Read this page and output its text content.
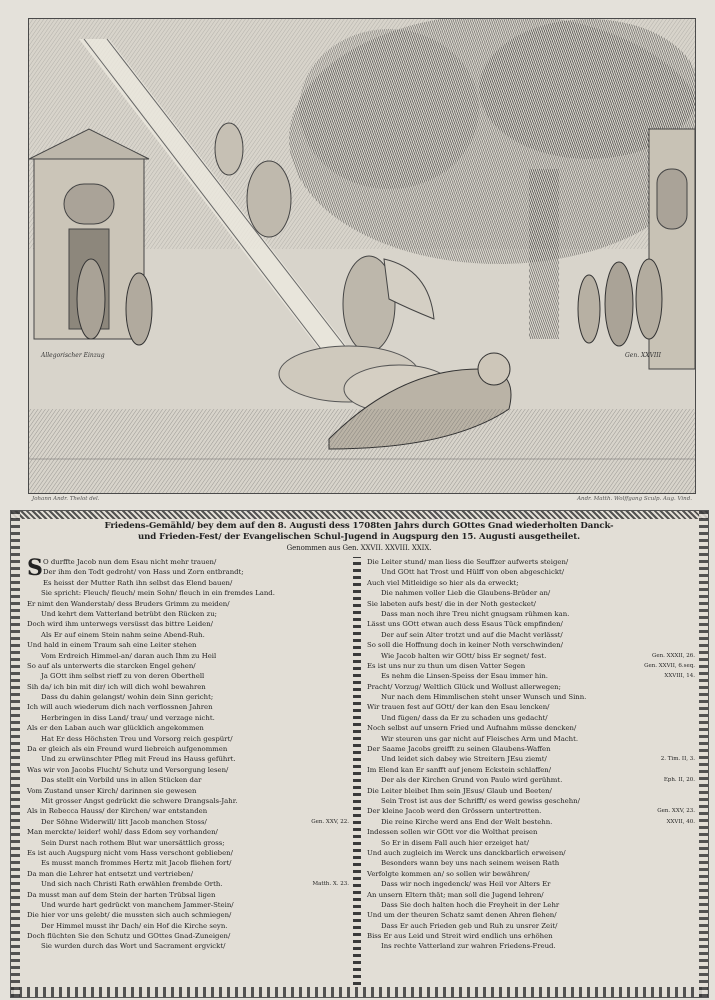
Allegorischer Einzug	Gen. XXVIII
Johann Andr. Thelot del.	Andr. Matth. Wolffgang Sculp. Aug. Vind.
Friedens-Gemähld/ bey dem auf den 8. Augusti dess 1708ten Jahrs durch GOttes Gnad wiederholten Danck-
und Frieden-Fest/ der Evangelischen Schul-Jugend in Augspurg den 15. Augusti ausgetheilet.
Genommen aus Gen. XXVII. XXVIII. XXIX.
S O durffte Jacob nun dem Esau nicht mehr trauen/
Der ihm den Todt gedroht/ von Hass und Zorn entbrandt;
Es heisst der Mutter Rath ihn selbst das Elend bauen/
Sie spricht: Fleuch/ fleuch/ mein Sohn/ fleuch in ein fremdes Land.
Er nimt den Wanderstab/ dess Bruders Grimm zu meiden/
Und kehrt dem Vatterland betrübt den Rücken zu;
Doch wird ihm unterwegs versüsst das bittre Leiden/
Als Er auf einem Stein nahm seine Abend-Ruh.
Und hald in einem Traum sah eine Leiter stehen
Vom Erdreich Himmel-an/ daran auch Ihm zu Heil
So auf als unterwerts die starcken Engel gehen/
Ja GOtt ihm selbst rieff zu von deren Oberthell
Sih da/ ich bin mit dir/ ich will dich wohl bewahren
Dass du dahin gelangst/ wohin dein Sinn gericht;
Ich will auch wiederum dich nach verflossnen Jahren
Herbringen in diss Land/ trau/ und verzage nicht.
Als er den Laban auch war glücklich angekommen
Hat Er dess Höchsten Treu und Vorsorg reich gespürt/
Da er gleich als ein Freund wurd liebreich aufgenommen
Und zu erwünschter Pfleg mit Freud ins Hauss geführt.
Was wir von Jacobs Flucht/ Schutz und Versorgung lesen/
Das stellt ein Vorbild uns in allen Stücken dar
Vom Zustand unser Kirch/ darinnen sie gewesen
Mit grosser Angst gedrückt die schwere Drangsals-Jahr.
Als in Rebecca Hauss/ der Kirchen/ war entstanden
Der Söhne Widerwill/ litt Jacob manchen Stoss/	Gen. XXV, 22.
Man merckte/ leider! wohl/ dass Edom sey vorhanden/
Sein Durst nach rothem Blut war unersättlich gross;
Es ist auch Augspurg nicht vom Hass verschont geblieben/
Es musst manch frommes Hertz mit Jacob fliehen fort/
Da man die Lehrer hat entsetzt und vertrieben/
Und sich nach Christi Rath erwählen frembde Orth.	Matth. X. 23.
Da musst man auf dem Stein der harten Trübsal ligen
Und wurde hart gedrückt von manchem Jammer-Stein/
Die hier vor uns gelebt/ die mussten sich auch schmiegen/
Der Himmel musst ihr Dach/ ein Hof die Kirche seyn.
Doch flüchten Sie den Schutz und GOttes Gnad-Zuneigen/
Sie wurden durch das Wort und Sacrament ergvickt/
Die Leiter stund/ man liess die Seuffzer aufwerts steigen/
Und GOtt hat Trost und Hülff von oben abgeschickt/
Auch viel Mitleidige so hier als da erweckt;
Die nahmen voller Lieb die Glaubens-Brüder an/
Sie labeten aufs best/ die in der Noth gestecket/
Dass man noch ihre Treu nicht gnugsam rühmen kan.
Lässt uns GOtt etwan auch dess Esaus Tück empfinden/
Der auf sein Alter trotzt und auf die Macht verlässt/
So soll die Hoffnung doch in keiner Noth verschwinden/
Wie Jacob halten wir GOtt/ biss Er segnet/ fest.	Gen. XXXII, 26.
Es ist uns nur zu thun um disen Vatter Segen	Gen. XXVII, 6.seq.
Es nehm die Linsen-Speiss der Esau immer hin.	XXVIII, 14.
Pracht/ Vorzug/ Weltlich Glück und Wollust allerwegen;
Nur nach dem Himmlischen steht unser Wunsch und Sinn.
Wir trauen fest auf GOtt/ der kan den Esau lencken/
Und fügen/ dass da Er zu schaden uns gedacht/
Noch selbst auf unsern Fried und Aufnahm müsse dencken/
Wir steuren uns gar nicht auf Fleisches Arm und Macht.
Der Saame Jacobs greifft zu seinen Glaubens-Waffen
Und leidet sich dabey wie Streitern JEsu ziemt/	2. Tim. II, 3.
Im Elend kan Er sanfft auf jenem Eckstein schlaffen/
Der als der Kirchen Grund von Paulo wird gerühmt.	Eph. II, 20.
Die Leiter bleibet Ihm sein JEsus/ Glaub und Beeten/
Sein Trost ist aus der Schrifft/ es werd gewiss geschehn/
Der kleine Jacob werd den Grössern untertretten.	Gen. XXV, 23.
Die reine Kirche werd ans End der Welt bestehn.	XXVII, 40.
Indessen sollen wir GOtt vor die Wolthat preisen
So Er in disem Fall auch hier erzeiget hat/
Und auch zugleich im Werck uns danckbarlich erweisen/
Besonders wann bey uns nach seinem weisen Rath
Verfolgte kommen an/ so sollen wir bewähren/
Dass wir noch ingedenck/ was Heil vor Alters Er
An unsern Eltern thät; man soll die Jugend lehren/
Dass Sie doch halten hoch die Freyheit in der Lehr
Und um der theuren Schatz samt denen Ahren flehen/
Dass Er auch Frieden geb und Ruh zu unsrer Zeit/
Biss Er aus Leid und Streit wird endlich uns erhöhen
Ins rechte Vatterland zur wahren Friedens-Freud.
